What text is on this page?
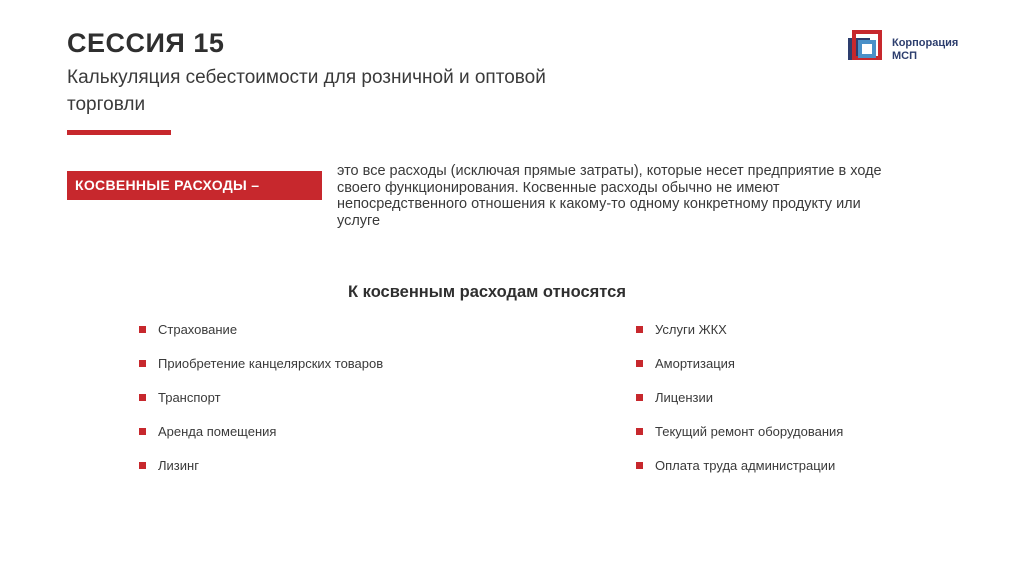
СЕССИЯ 15
Калькуляция себестоимости для розничной и оптовой торговли
Корпорация
МСП
КОСВЕННЫЕ РАСХОДЫ –
это все расходы (исключая прямые затраты), которые несет предприятие в ходе своего функционирования. Косвенные расходы обычно не имеют непосредственного отношения к какому-то одному конкретному продукту или услуге
К косвенным расходам относятся
Страхование
Приобретение канцелярских товаров
Транспорт
Аренда помещения
Лизинг
Услуги ЖКХ
Амортизация
Лицензии
Текущий ремонт оборудования
Оплата труда администрации
